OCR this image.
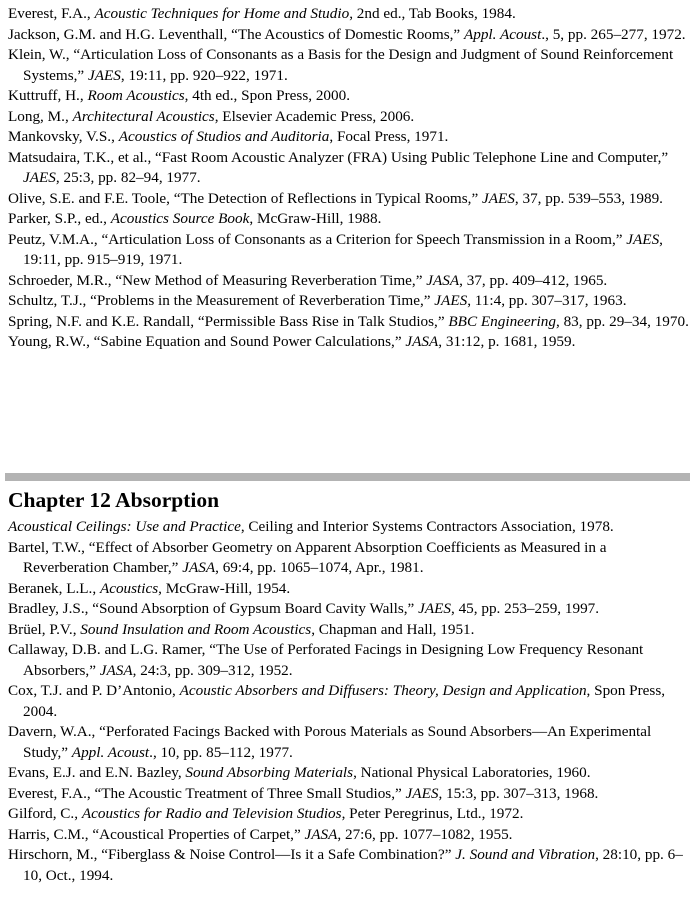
Everest, F.A., Acoustic Techniques for Home and Studio, 2nd ed., Tab Books, 1984.

Jackson, G.M. and H.G. Leventhall, “The Acoustics of Domestic Rooms,” Appl. Acoust., 5, pp. 265–277, 1972.

Klein, W., “Articulation Loss of Consonants as a Basis for the Design and Judgment of Sound Reinforcement Systems,” JAES, 19:11, pp. 920–922, 1971.

Kuttruff, H., Room Acoustics, 4th ed., Spon Press, 2000.

Long, M., Architectural Acoustics, Elsevier Academic Press, 2006.

Mankovsky, V.S., Acoustics of Studios and Auditoria, Focal Press, 1971.

Matsudaira, T.K., et al., “Fast Room Acoustic Analyzer (FRA) Using Public Telephone Line and Computer,” JAES, 25:3, pp. 82–94, 1977.

Olive, S.E. and F.E. Toole, “The Detection of Reflections in Typical Rooms,” JAES, 37, pp. 539–553, 1989.

Parker, S.P., ed., Acoustics Source Book, McGraw-Hill, 1988.

Peutz, V.M.A., “Articulation Loss of Consonants as a Criterion for Speech Transmission in a Room,” JAES, 19:11, pp. 915–919, 1971.

Schroeder, M.R., “New Method of Measuring Reverberation Time,” JASA, 37, pp. 409–412, 1965.

Schultz, T.J., “Problems in the Measurement of Reverberation Time,” JAES, 11:4, pp. 307–317, 1963.

Spring, N.F. and K.E. Randall, “Permissible Bass Rise in Talk Studios,” BBC Engineering, 83, pp. 29–34, 1970.

Young, R.W., “Sabine Equation and Sound Power Calculations,” JASA, 31:12, p. 1681, 1959.

Chapter 12 Absorption

Acoustical Ceilings: Use and Practice, Ceiling and Interior Systems Contractors Association, 1978.

Bartel, T.W., “Effect of Absorber Geometry on Apparent Absorption Coefficients as Measured in a Reverberation Chamber,” JASA, 69:4, pp. 1065–1074, Apr., 1981.

Beranek, L.L., Acoustics, McGraw-Hill, 1954.

Bradley, J.S., “Sound Absorption of Gypsum Board Cavity Walls,” JAES, 45, pp. 253–259, 1997.

Brüel, P.V., Sound Insulation and Room Acoustics, Chapman and Hall, 1951.

Callaway, D.B. and L.G. Ramer, “The Use of Perforated Facings in Designing Low Frequency Resonant Absorbers,” JASA, 24:3, pp. 309–312, 1952.

Cox, T.J. and P. D’Antonio, Acoustic Absorbers and Diffusers: Theory, Design and Application, Spon Press, 2004.

Davern, W.A., “Perforated Facings Backed with Porous Materials as Sound Absorbers—An Experimental Study,” Appl. Acoust., 10, pp. 85–112, 1977.

Evans, E.J. and E.N. Bazley, Sound Absorbing Materials, National Physical Laboratories, 1960.

Everest, F.A., “The Acoustic Treatment of Three Small Studios,” JAES, 15:3, pp. 307–313, 1968.

Gilford, C., Acoustics for Radio and Television Studios, Peter Peregrinus, Ltd., 1972.

Harris, C.M., “Acoustical Properties of Carpet,” JASA, 27:6, pp. 1077–1082, 1955.

Hirschorn, M., “Fiberglass & Noise Control—Is it a Safe Combination?” J. Sound and Vibration, 28:10, pp. 6–10, Oct., 1994.
